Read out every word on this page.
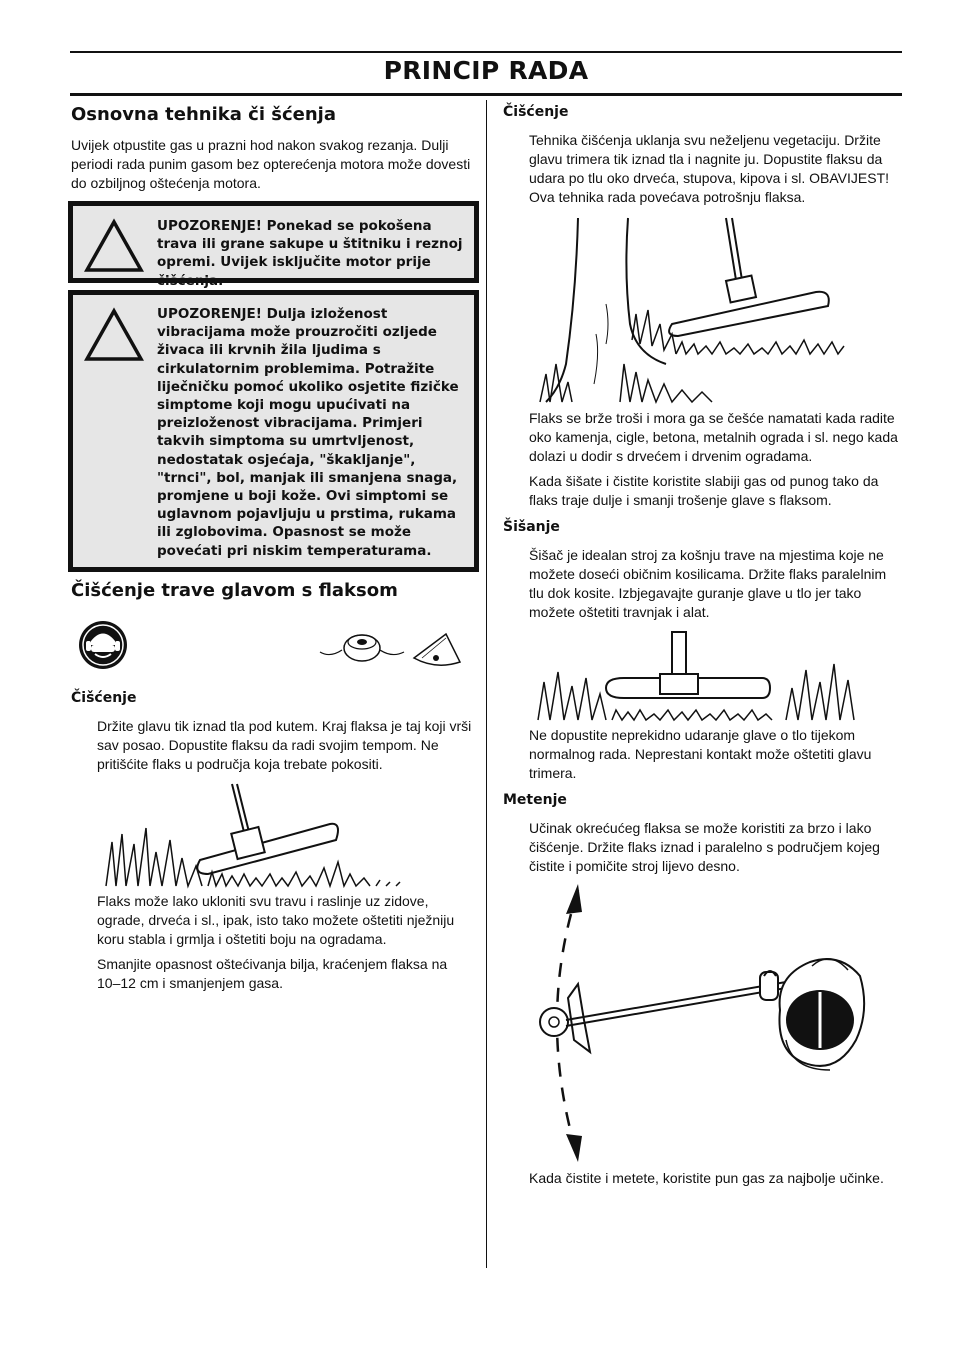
PRINCIP RADA
Osnovna tehnika či šćenja

Uvijek otpustite gas u prazni hod nakon svakog rezanja. Dulji periodi rada punim gasom bez opterećenja motora može dovesti do ozbiljnog oštećenja motora.

UPOZORENJE! Ponekad se pokošena trava ili grane sakupe u štitniku i reznoj opremi. Uvijek isključite motor prije čišćenja.
UPOZORENJE! Dulja izloženost vibracijama može prouzročiti ozljede živaca ili krvnih žila ljudima s cirkulatornim problemima. Potražite liječničku pomoć ukoliko osjetite fizičke simptome koji mogu upućivati na preizloženost vibracijama. Primjeri takvih simptoma su umrtvljenost, nedostatak osjećaja, "škakljanje", "trnci", bol, manjak ili smanjena snaga, promjene u boji kože. Ovi simptomi se uglavnom pojavljuju u prstima, rukama ili zglobovima. Opasnost se može povećati pri niskim temperaturama.
Čišćenje trave glavom s flaksom
Čišćenje

Držite glavu tik iznad tla pod kutem. Kraj flaksa je taj koji vrši sav posao. Dopustite flaksu da radi svojim tempom. Ne pritišćite flaks u područja koja trebate pokositi.

Flaks može lako ukloniti svu travu i raslinje uz zidove, ograde, drveća i sl., ipak, isto tako možete oštetiti nježniju koru stabla i grmlja i oštetiti boju na ogradama.

Smanjite opasnost oštećivanja bilja, kraćenjem flaksa na 10–12 cm i smanjenjem gasa.

Čišćenje

Tehnika čišćenja uklanja svu neželjenu vegetaciju. Držite glavu trimera tik iznad tla i nagnite ju. Dopustite flaksu da udara po tlu oko drveća, stupova, kipova i sl. OBAVIJEST! Ova tehnika rada povećava potrošnju flaksa.

Flaks se brže troši i mora ga se češće namatati kada radite oko kamenja, cigle, betona, metalnih ograda i sl. nego kada dolazi u dodir s drvećem i drvenim ogradama.

Kada šišate i čistite koristite slabiji gas od punog tako da flaks traje dulje i smanji trošenje glave s flaksom.

Šišanje

Šišač je idealan stroj za košnju trave na mjestima koje ne možete doseći običnim kosilicama. Držite flaks paralelnim tlu dok kosite. Izbjegavajte guranje glave u tlo jer tako možete oštetiti travnjak i alat.

Ne dopustite neprekidno udaranje glave o tlo tijekom normalnog rada. Neprestani kontakt može oštetiti glavu trimera.

Metenje

Učinak okrećućeg flaksa se može koristiti za brzo i lako čišćenje. Držite flaks iznad i paralelno s područjem kojeg čistite i pomičite stroj lijevo desno.

Kada čistite i metete, koristite pun gas za najbolje učinke.
